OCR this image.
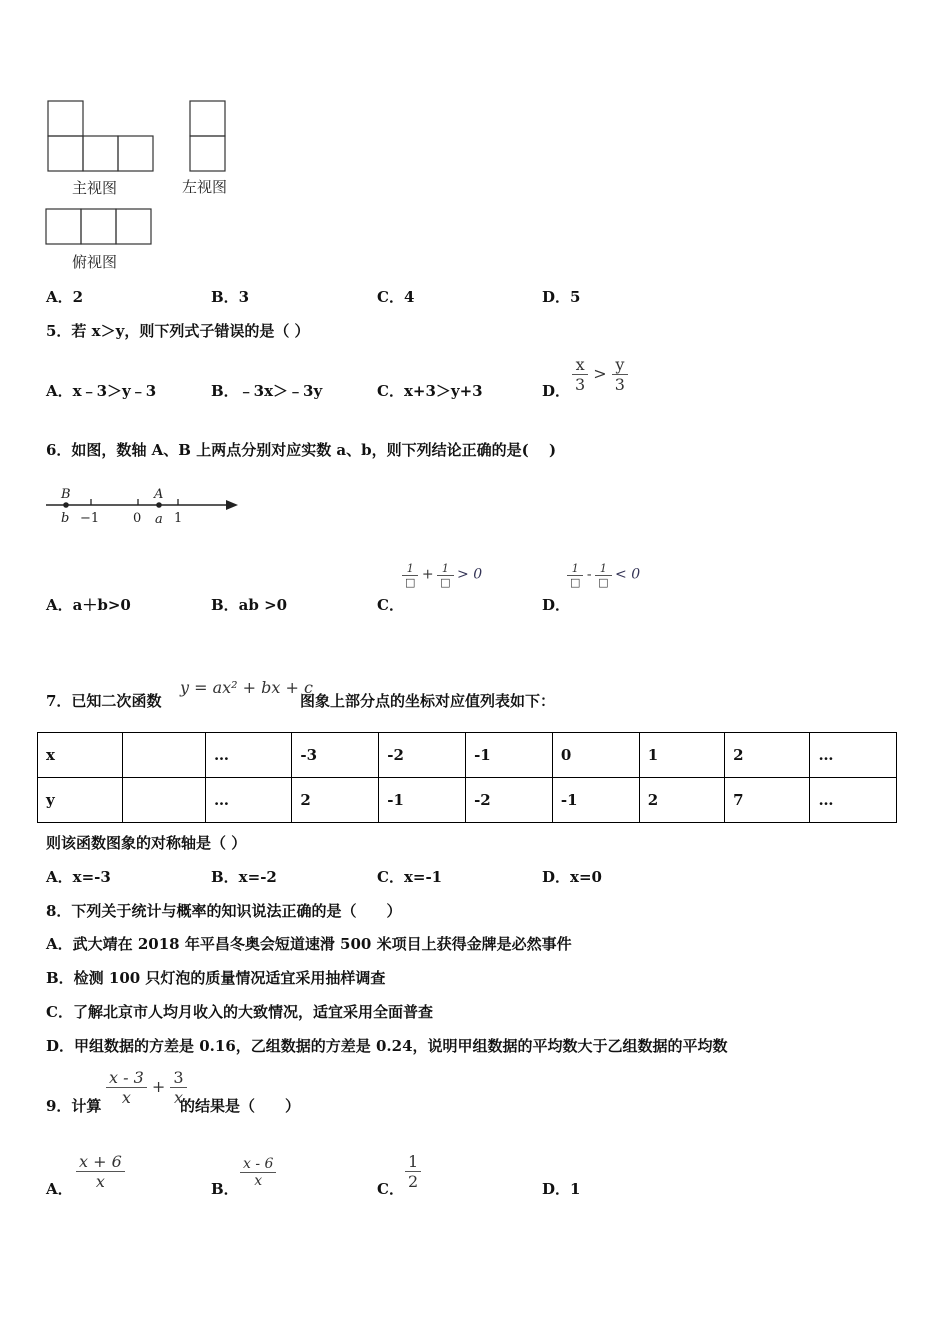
主视图	左视图
俯视图
A．2	B．3	C．4	D．5
5．若 x＞y，则下列式子错误的是（ ）
A．x﹣3＞y﹣3	B．﹣3x＞﹣3y	C．x+3＞y+3	D． $\frac{x}{3} > \frac{y}{3}$
6．如图，数轴 A、B 上两点分别对应实数 a、b，则下列结论正确的是(　 )
B
b −1	0
A
a 1
A．a＋b>0	B．ab >0	C．	D．
$\frac{1}{□} + \frac{1}{□} > 0$	$\frac{1}{□} - \frac{1}{□} < 0$
7．已知二次函数
y = ax² + bx + c
图象上部分点的坐标对应值列表如下：
x		…	-3	-2	-1	0	1	2	…
y		…	2	-1	-2	-1	2	7	…
则该函数图象的对称轴是（ ）
A．x=-3	B．x=-2	C．x=-1	D．x=0
8．下列关于统计与概率的知识说法正确的是（　　）
A．武大靖在 2018 年平昌冬奥会短道速滑 500 米项目上获得金牌是必然事件
B．检测 100 只灯泡的质量情况适宜采用抽样调查
C．了解北京市人均月收入的大致情况，适宜采用全面普查
D．甲组数据的方差是 0.16，乙组数据的方差是 0.24，说明甲组数据的平均数大于乙组数据的平均数
9．计算 $\frac{x - 3}{x} + \frac{3}{x}$
的结果是（　　）
A．	B．	C．	D．1
$\frac{x + 6}{x}$	$\frac{x - 6}{x}$	$\frac{1}{2}$
